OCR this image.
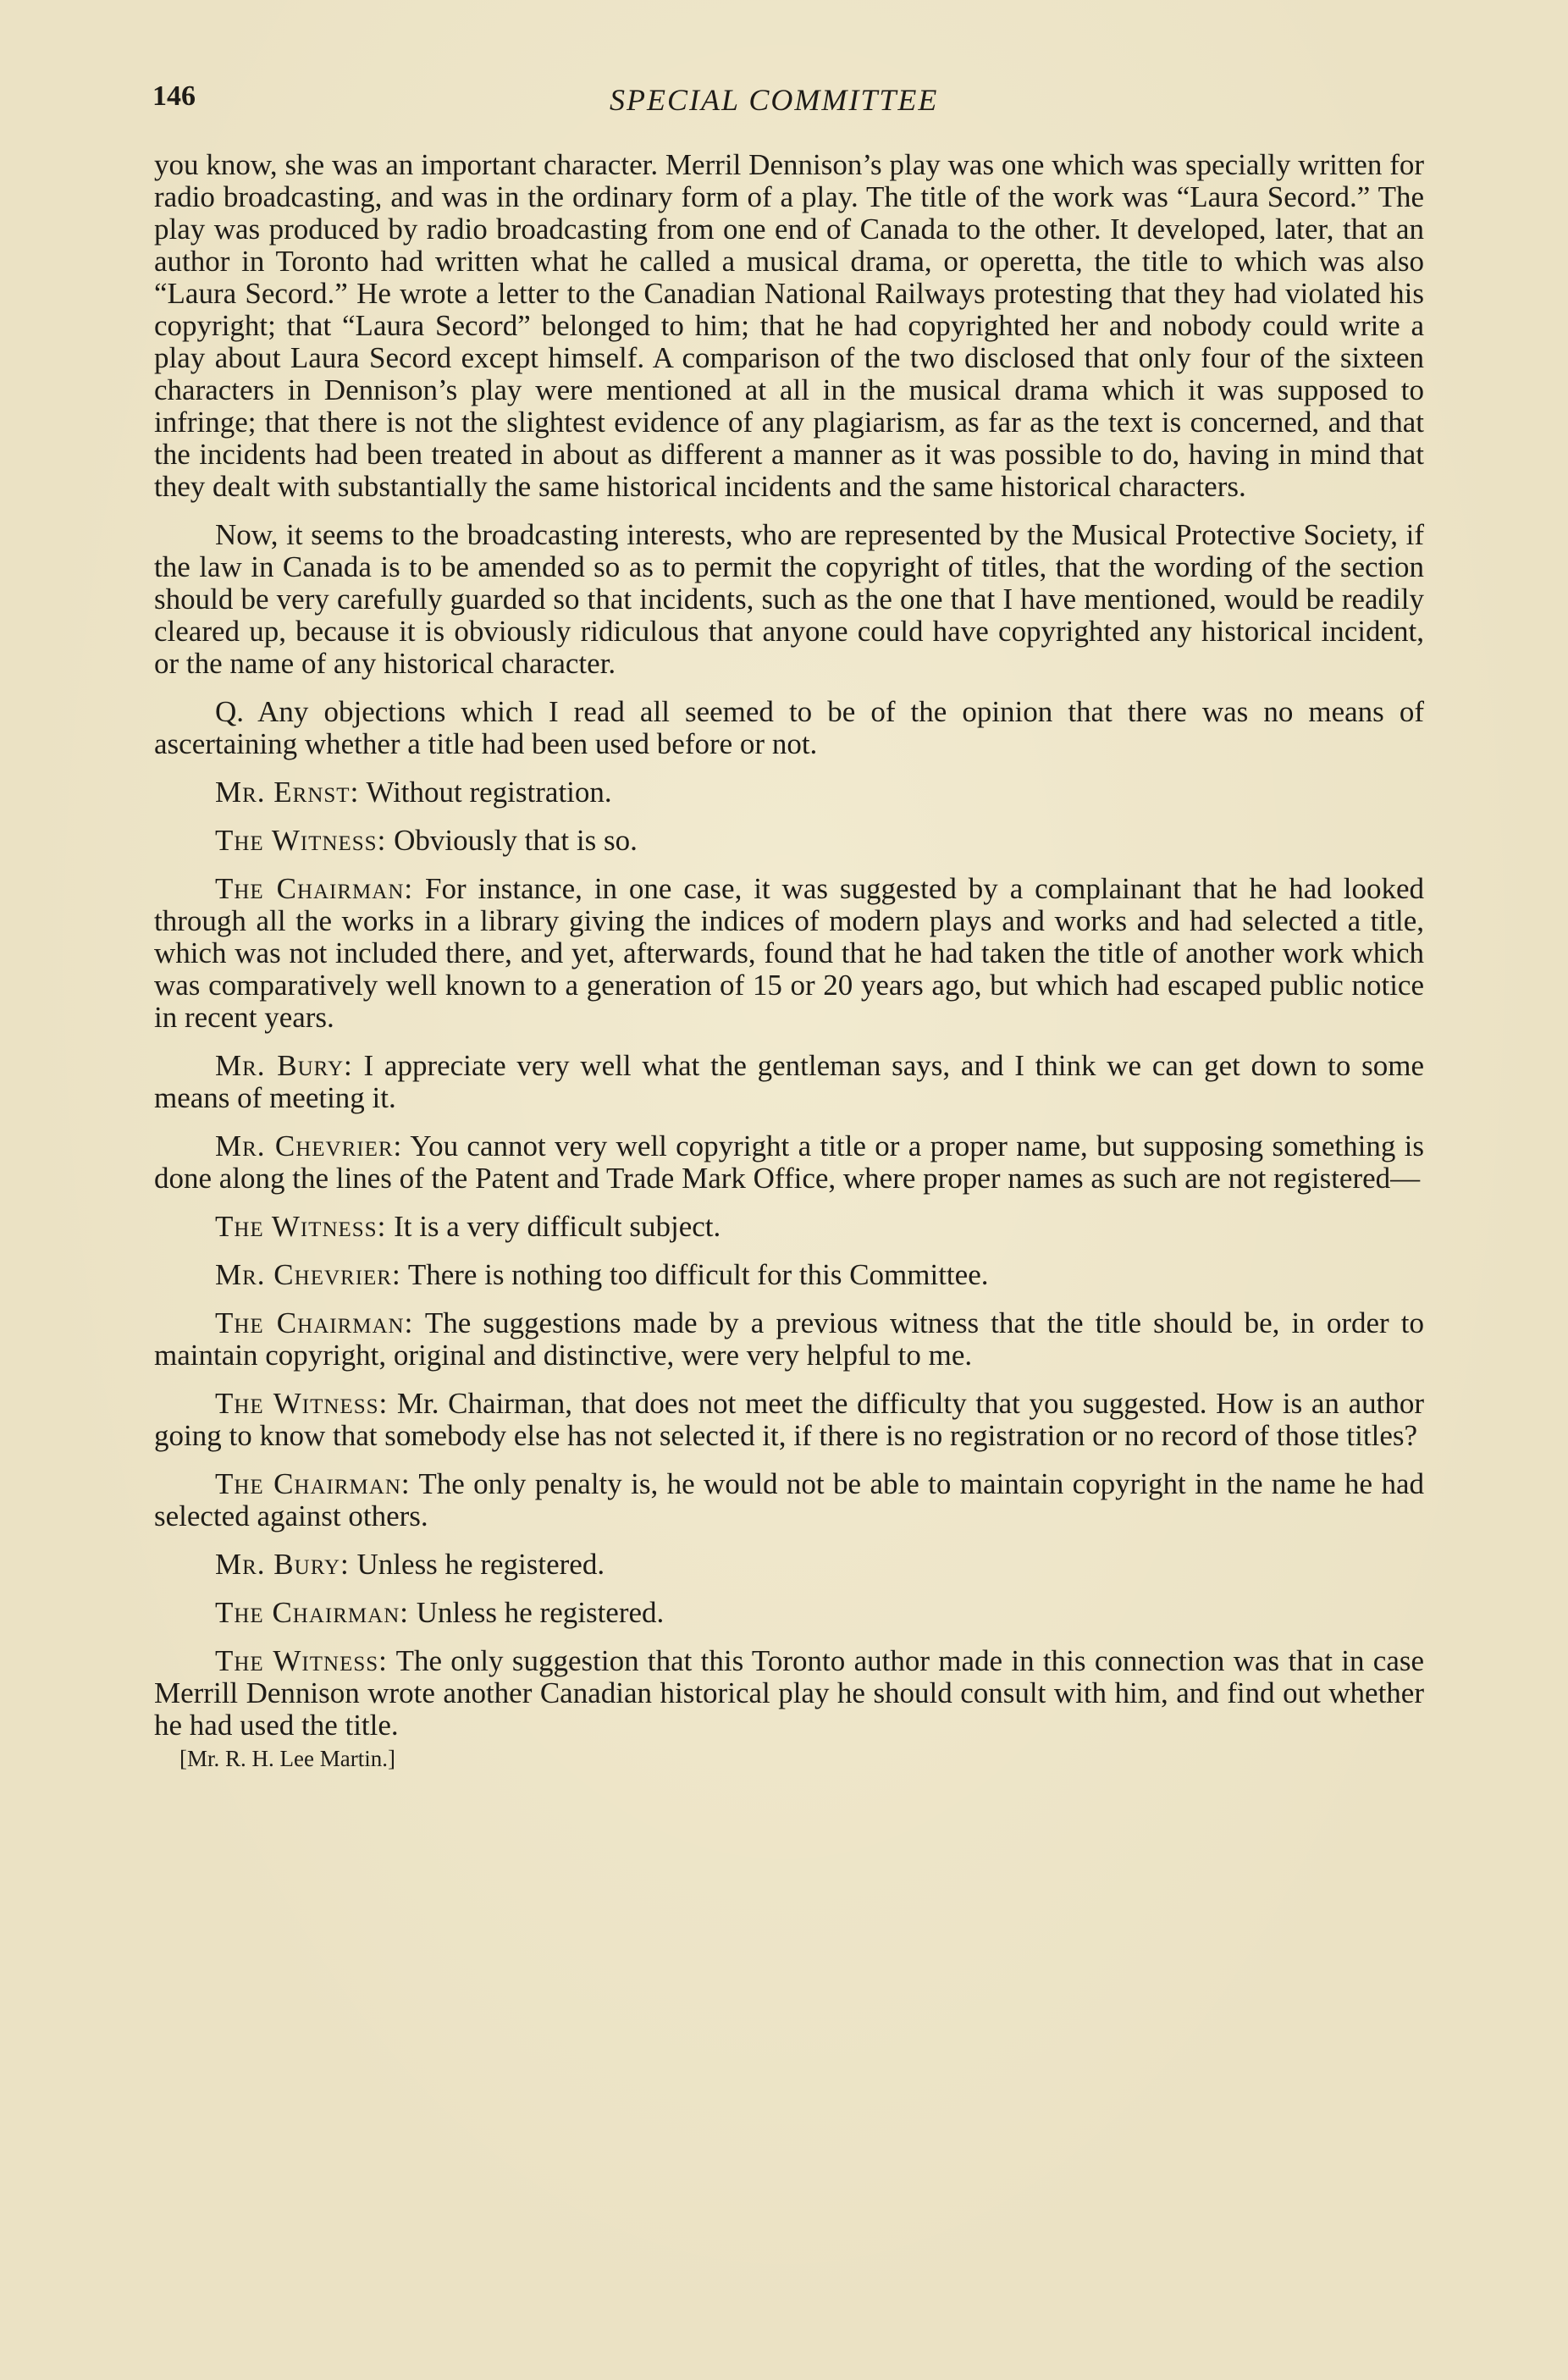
146	SPECIAL COMMITTEE

you know, she was an important character. Merril Dennison’s play was one which was specially written for radio broadcasting, and was in the ordinary form of a play. The title of the work was “Laura Secord.” The play was produced by radio broadcasting from one end of Canada to the other. It developed, later, that an author in Toronto had written what he called a musical drama, or operetta, the title to which was also “Laura Secord.” He wrote a letter to the Canadian National Railways protesting that they had violated his copyright; that “Laura Secord” belonged to him; that he had copyrighted her and nobody could write a play about Laura Secord except himself. A comparison of the two disclosed that only four of the sixteen characters in Dennison’s play were mentioned at all in the musical drama which it was supposed to infringe; that there is not the slightest evidence of any plagiarism, as far as the text is concerned, and that the incidents had been treated in about as different a manner as it was possible to do, having in mind that they dealt with substantially the same historical incidents and the same historical characters.

Now, it seems to the broadcasting interests, who are represented by the Musical Protective Society, if the law in Canada is to be amended so as to permit the copyright of titles, that the wording of the section should be very carefully guarded so that incidents, such as the one that I have mentioned, would be readily cleared up, because it is obviously ridiculous that anyone could have copyrighted any historical incident, or the name of any historical character.

Q. Any objections which I read all seemed to be of the opinion that there was no means of ascertaining whether a title had been used before or not.

Mr. Ernst: Without registration.

The Witness: Obviously that is so.

The Chairman: For instance, in one case, it was suggested by a complainant that he had looked through all the works in a library giving the indices of modern plays and works and had selected a title, which was not included there, and yet, afterwards, found that he had taken the title of another work which was comparatively well known to a generation of 15 or 20 years ago, but which had escaped public notice in recent years.

Mr. Bury: I appreciate very well what the gentleman says, and I think we can get down to some means of meeting it.

Mr. Chevrier: You cannot very well copyright a title or a proper name, but supposing something is done along the lines of the Patent and Trade Mark Office, where proper names as such are not registered—

The Witness: It is a very difficult subject.

Mr. Chevrier: There is nothing too difficult for this Committee.

The Chairman: The suggestions made by a previous witness that the title should be, in order to maintain copyright, original and distinctive, were very helpful to me.

The Witness: Mr. Chairman, that does not meet the difficulty that you suggested. How is an author going to know that somebody else has not selected it, if there is no registration or no record of those titles?

The Chairman: The only penalty is, he would not be able to maintain copyright in the name he had selected against others.

Mr. Bury: Unless he registered.

The Chairman: Unless he registered.

The Witness: The only suggestion that this Toronto author made in this connection was that in case Merrill Dennison wrote another Canadian historical play he should consult with him, and find out whether he had used the title.

[Mr. R. H. Lee Martin.]
